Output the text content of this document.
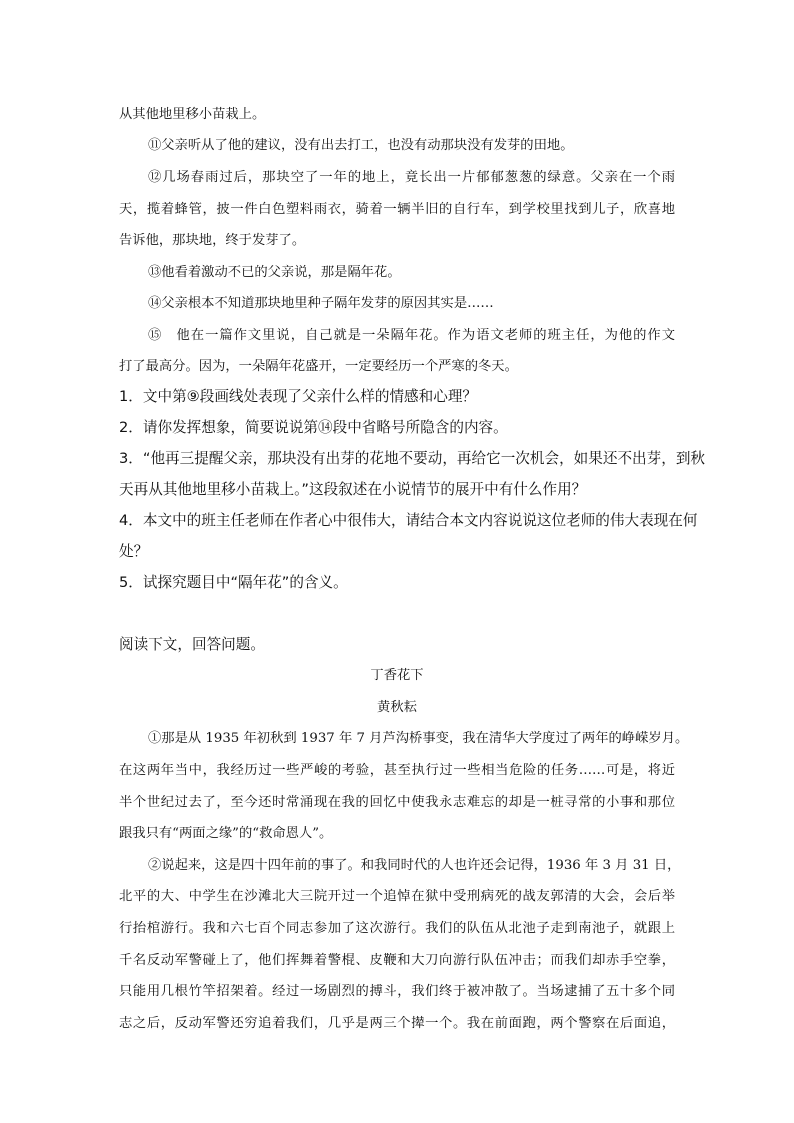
从其他地里移小苗栽上。
⑪父亲听从了他的建议，没有出去打工，也没有动那块没有发芽的田地。
⑫几场春雨过后，那块空了一年的地上，竟长出一片郁郁葱葱的绿意。父亲在一个雨
天，揽着蜂管，披一件白色塑料雨衣，骑着一辆半旧的自行车，到学校里找到儿子，欣喜地
告诉他，那块地，终于发芽了。
⑬他看着激动不已的父亲说，那是隔年花。
⑭父亲根本不知道那块地里种子隔年发芽的原因其实是……
⑮　他在一篇作文里说，自己就是一朵隔年花。作为语文老师的班主任，为他的作文
打了最高分。因为，一朵隔年花盛开，一定要经历一个严寒的冬天。
1．文中第⑨段画线处表现了父亲什么样的情感和心理？
2．请你发挥想象，简要说说第⑭段中省略号所隐含的内容。
3．“他再三提醒父亲，那块没有出芽的花地不要动，再给它一次机会，如果还不出芽，到秋
天再从其他地里移小苗栽上。”这段叙述在小说情节的展开中有什么作用？
4．本文中的班主任老师在作者心中很伟大，请结合本文内容说说这位老师的伟大表现在何
处？
5．试探究题目中“隔年花”的含义。
阅读下文，回答问题。
丁香花下
黄秋耘
①那是从 1935 年初秋到 1937 年 7 月芦沟桥事变，我在清华大学度过了两年的峥嵘岁月。
在这两年当中，我经历过一些严峻的考验，甚至执行过一些相当危险的任务……可是，将近
半个世纪过去了，至今还时常涌现在我的回忆中使我永志难忘的却是一桩寻常的小事和那位
跟我只有“两面之缘”的“救命恩人”。
②说起来，这是四十四年前的事了。和我同时代的人也许还会记得，1936 年 3 月 31 日，
北平的大、中学生在沙滩北大三院开过一个追悼在狱中受刑病死的战友郭清的大会，会后举
行抬棺游行。我和六七百个同志参加了这次游行。我们的队伍从北池子走到南池子，就跟上
千名反动军警碰上了，他们挥舞着警棍、皮鞭和大刀向游行队伍冲击；而我们却赤手空拳，
只能用几根竹竿招架着。经过一场剧烈的搏斗，我们终于被冲散了。当场逮捕了五十多个同
志之后，反动军警还穷追着我们，几乎是两三个撵一个。我在前面跑，两个警察在后面追，
